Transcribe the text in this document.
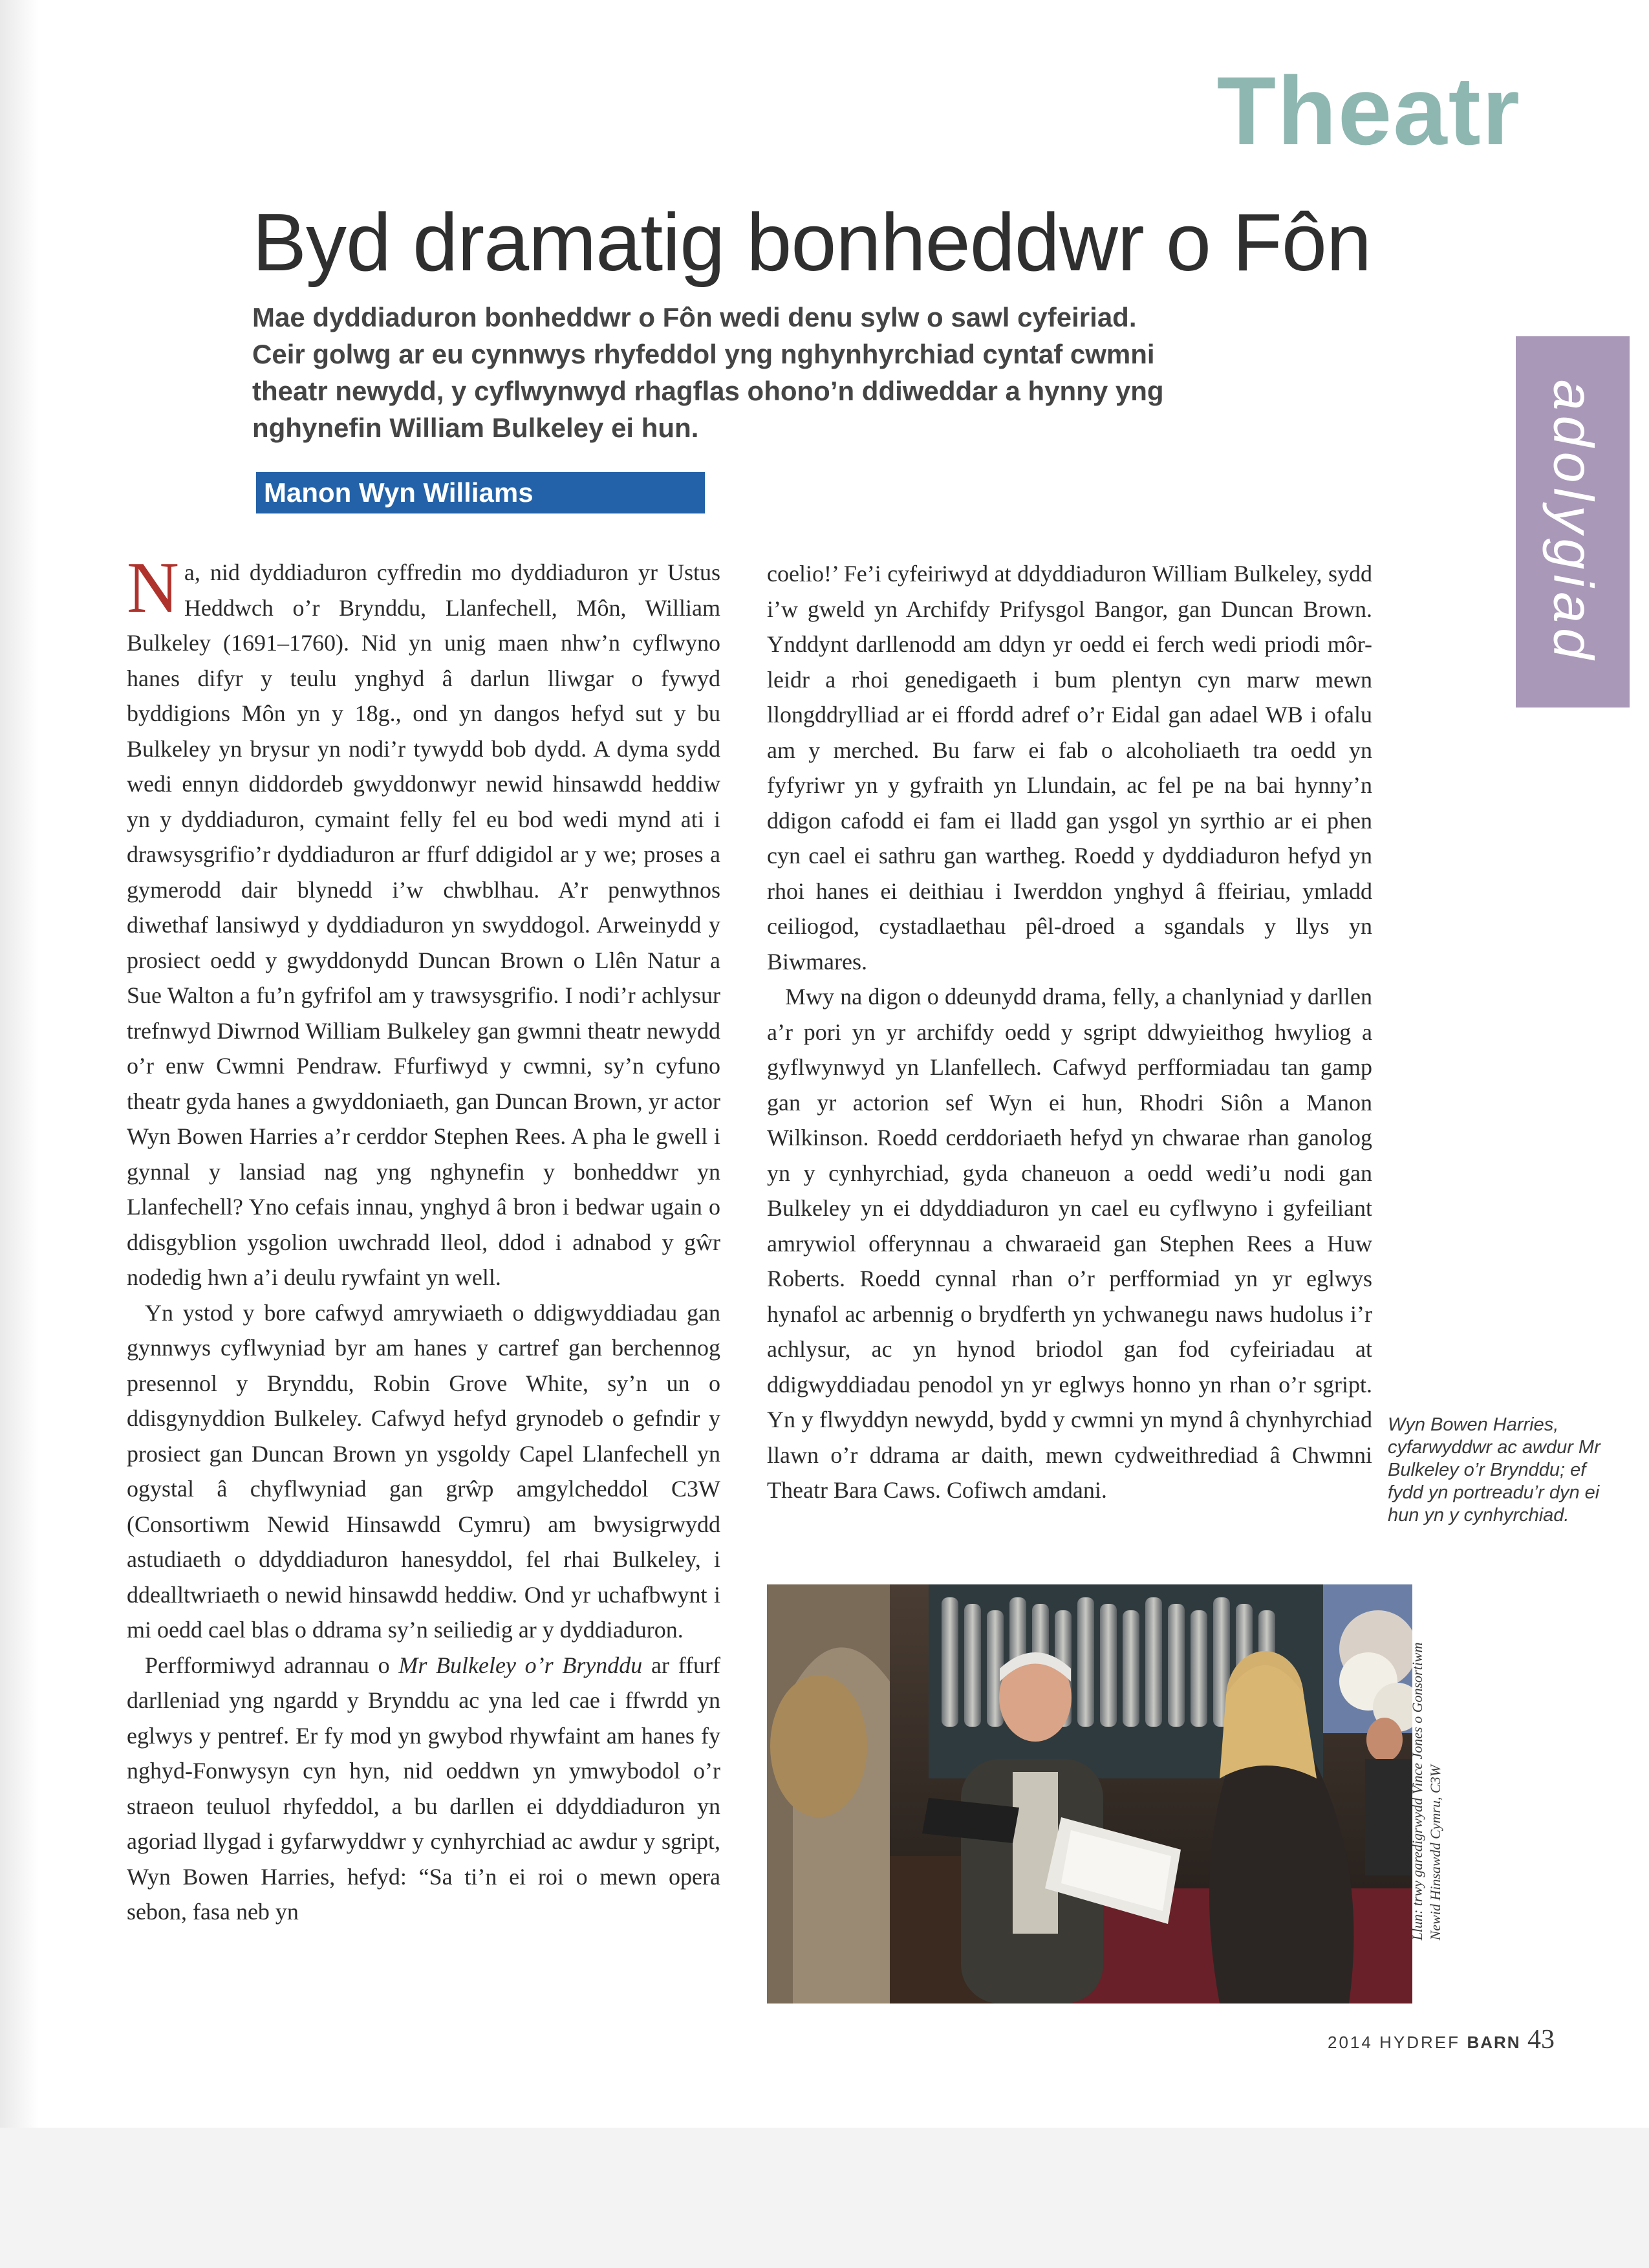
Theatr
adolygiad
Byd dramatig bonheddwr o Fôn
Mae dyddiaduron bonheddwr o Fôn wedi denu sylw o sawl cyfeiriad. Ceir golwg ar eu cynnwys rhyfeddol yng nghynhyrchiad cyntaf cwmni theatr newydd, y cyflwynwyd rhagflas ohono’n ddiweddar a hynny yng nghynefin William Bulkeley ei hun.
Manon Wyn Williams

Na, nid dyddiaduron cyffredin mo dyddiaduron yr Ustus Heddwch o’r Brynddu, Llanfechell, Môn, William Bulkeley (1691–1760). Nid yn unig maen nhw’n cyflwyno hanes difyr y teulu ynghyd â darlun lliwgar o fywyd byddigions Môn yn y 18g., ond yn dangos hefyd sut y bu Bulkeley yn brysur yn nodi’r tywydd bob dydd. A dyma sydd wedi ennyn diddordeb gwyddonwyr newid hinsawdd heddiw yn y dyddiaduron, cymaint felly fel eu bod wedi mynd ati i drawsysgrifio’r dyddiaduron ar ffurf ddigidol ar y we; proses a gymerodd dair blynedd i’w chwblhau. A’r penwythnos diwethaf lansiwyd y dyddiaduron yn swyddogol. Arweinydd y prosiect oedd y gwyddonydd Duncan Brown o Llên Natur a Sue Walton a fu’n gyfrifol am y trawsysgrifio. I nodi’r achlysur trefnwyd Diwrnod William Bulkeley gan gwmni theatr newydd o’r enw Cwmni Pendraw. Ffurfiwyd y cwmni, sy’n cyfuno theatr gyda hanes a gwyddoniaeth, gan Duncan Brown, yr actor Wyn Bowen Harries a’r cerddor Stephen Rees. A pha le gwell i gynnal y lansiad nag yng nghynefin y bonheddwr yn Llanfechell? Yno cefais innau, ynghyd â bron i bedwar ugain o ddisgyblion ysgolion uwchradd lleol, ddod i adnabod y gŵr nodedig hwn a’i deulu rywfaint yn well.

Yn ystod y bore cafwyd amrywiaeth o ddigwyddiadau gan gynnwys cyflwyniad byr am hanes y cartref gan berchennog presennol y Brynddu, Robin Grove White, sy’n un o ddisgynyddion Bulkeley. Cafwyd hefyd grynodeb o gefndir y prosiect gan Duncan Brown yn ysgoldy Capel Llanfechell yn ogystal â chyflwyniad gan grŵp amgylcheddol C3W (Consortiwm Newid Hinsawdd Cymru) am bwysigrwydd astudiaeth o ddyddiaduron hanesyddol, fel rhai Bulkeley, i ddealltwriaeth o newid hinsawdd heddiw. Ond yr uchafbwynt i mi oedd cael blas o ddrama sy’n seiliedig ar y dyddiaduron.

Perfformiwyd adrannau o Mr Bulkeley o’r Brynddu ar ffurf darlleniad yng ngardd y Brynddu ac yna led cae i ffwrdd yn eglwys y pentref. Er fy mod yn gwybod rhywfaint am hanes fy nghyd-Fonwysyn cyn hyn, nid oeddwn yn ymwybodol o’r straeon teuluol rhyfeddol, a bu darllen ei ddyddiaduron yn agoriad llygad i gyfarwyddwr y cynhyrchiad ac awdur y sgript, Wyn Bowen Harries, hefyd: “Sa ti’n ei roi o mewn opera sebon, fasa neb yn

coelio!’ Fe’i cyfeiriwyd at ddyddiaduron William Bulkeley, sydd i’w gweld yn Archifdy Prifysgol Bangor, gan Duncan Brown. Ynddynt darllenodd am ddyn yr oedd ei ferch wedi priodi môr-leidr a rhoi genedigaeth i bum plentyn cyn marw mewn llongddrylliad ar ei ffordd adref o’r Eidal gan adael WB i ofalu am y merched. Bu farw ei fab o alcoholiaeth tra oedd yn fyfyriwr yn y gyfraith yn Llundain, ac fel pe na bai hynny’n ddigon cafodd ei fam ei lladd gan ysgol yn syrthio ar ei phen cyn cael ei sathru gan wartheg. Roedd y dyddiaduron hefyd yn rhoi hanes ei deithiau i Iwerddon ynghyd â ffeiriau, ymladd ceiliogod, cystadlaethau pêl-droed a sgandals y llys yn Biwmares.

Mwy na digon o ddeunydd drama, felly, a chanlyniad y darllen a’r pori yn yr archifdy oedd y sgript ddwyieithog hwyliog a gyflwynwyd yn Llanfellech. Cafwyd perfformiadau tan gamp gan yr actorion sef Wyn ei hun, Rhodri Siôn a Manon Wilkinson. Roedd cerddoriaeth hefyd yn chwarae rhan ganolog yn y cynhyrchiad, gyda chaneuon a oedd wedi’u nodi gan Bulkeley yn ei ddyddiaduron yn cael eu cyflwyno i gyfeiliant amrywiol offerynnau a chwaraeid gan Stephen Rees a Huw Roberts. Roedd cynnal rhan o’r perfformiad yn yr eglwys hynafol ac arbennig o brydferth yn ychwanegu naws hudolus i’r achlysur, ac yn hynod briodol gan fod cyfeiriadau at ddigwyddiadau penodol yn yr eglwys honno yn rhan o’r sgript. Yn y flwyddyn newydd, bydd y cwmni yn mynd â chynhyrchiad llawn o’r ddrama ar daith, mewn cydweithrediad â Chwmni Theatr Bara Caws. Cofiwch amdani.

Wyn Bowen Harries, cyfarwyddwr ac awdur Mr Bulkeley o’r Brynddu; ef fydd yn portreadu’r dyn ei hun yn y cynhyrchiad.
Llun: trwy garedigrwydd Vince Jones o Gonsortiwm Newid Hinsawdd Cymru, C3W
2014 HYDREF BARN 43
